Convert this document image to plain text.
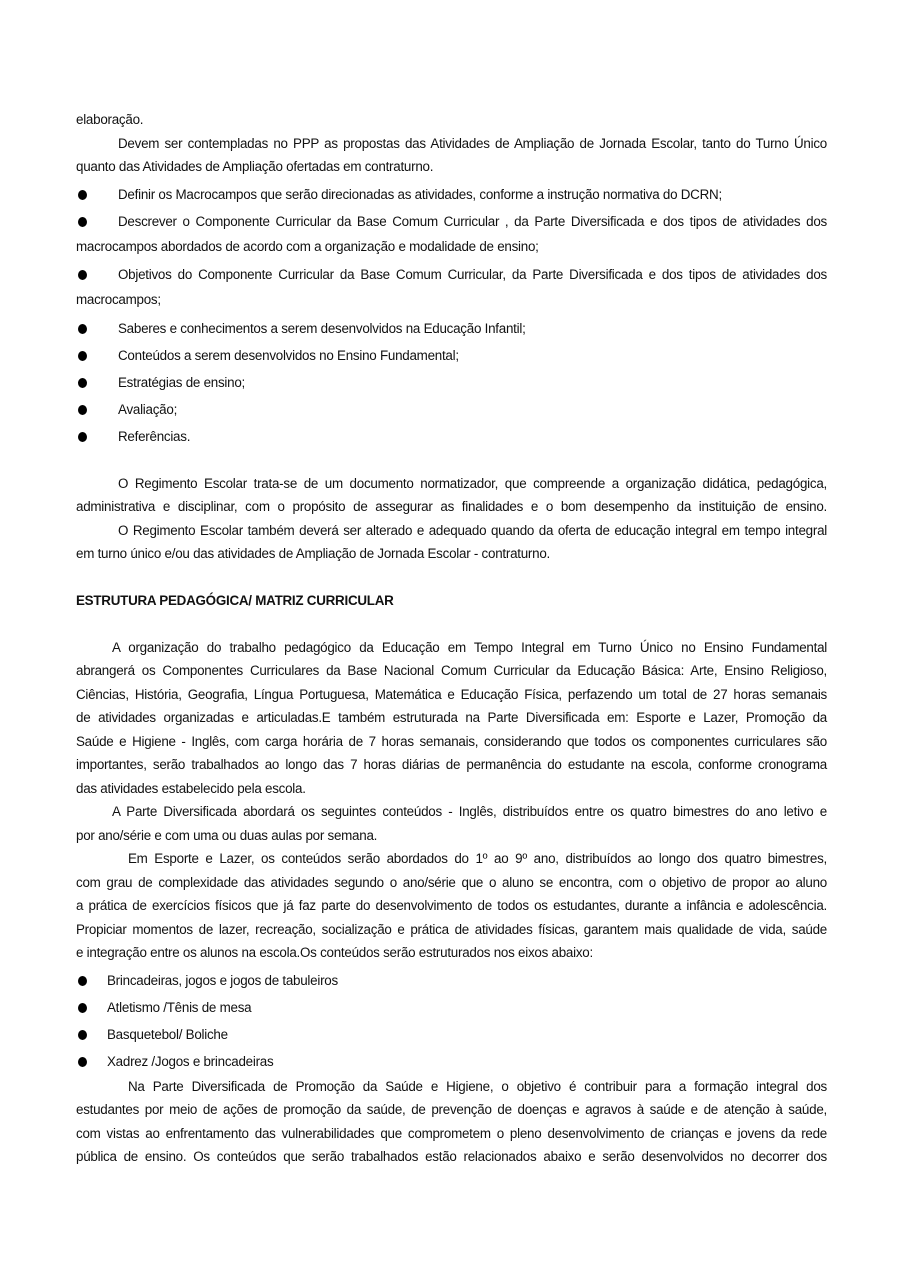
elaboração.
Devem ser contempladas no PPP as propostas das Atividades de Ampliação de Jornada Escolar, tanto do Turno Único
quanto das Atividades de Ampliação ofertadas em contraturno.
Definir os Macrocampos que serão direcionadas as atividades, conforme a instrução normativa do DCRN;
Descrever o Componente Curricular da Base Comum Curricular , da Parte Diversificada e dos tipos de atividades dos
macrocampos abordados de acordo com a organização e modalidade de ensino;
Objetivos do Componente Curricular da Base Comum Curricular, da Parte Diversificada e dos tipos de atividades dos
macrocampos;
Saberes e conhecimentos a serem desenvolvidos na Educação Infantil;
Conteúdos a serem desenvolvidos no Ensino Fundamental;
Estratégias de ensino;
Avaliação;
Referências.
O Regimento Escolar trata-se de um documento normatizador, que compreende a organização didática, pedagógica,
administrativa e disciplinar, com o propósito de assegurar as finalidades e o bom desempenho da instituição de ensino.
O Regimento Escolar também deverá ser alterado e adequado quando da oferta de educação integral em tempo integral
em turno único e/ou das atividades de Ampliação de Jornada Escolar - contraturno.
ESTRUTURA PEDAGÓGICA/ MATRIZ CURRICULAR
A organização do trabalho pedagógico da Educação em Tempo Integral em Turno Único no Ensino Fundamental
abrangerá os Componentes Curriculares da Base Nacional Comum Curricular da Educação Básica: Arte, Ensino Religioso,
Ciências, História, Geografia, Língua Portuguesa, Matemática e Educação Física, perfazendo um total de 27 horas semanais
de atividades organizadas e articuladas.E também estruturada na Parte Diversificada em: Esporte e Lazer, Promoção da
Saúde e Higiene - Inglês, com carga horária de 7 horas semanais, considerando que todos os componentes curriculares são
importantes, serão trabalhados ao longo das 7 horas diárias de permanência do estudante na escola, conforme cronograma
das atividades estabelecido pela escola.
A Parte Diversificada abordará os seguintes conteúdos - Inglês, distribuídos entre os quatro bimestres do ano letivo e
por ano/série e com uma ou duas aulas por semana.
Em Esporte e Lazer, os conteúdos serão abordados do 1º ao 9º ano, distribuídos ao longo dos quatro bimestres,
com grau de complexidade das atividades segundo o ano/série que o aluno se encontra, com o objetivo de propor ao aluno
a prática de exercícios físicos que já faz parte do desenvolvimento de todos os estudantes, durante a infância e adolescência.
Propiciar momentos de lazer, recreação, socialização e prática de atividades físicas, garantem mais qualidade de vida, saúde
e integração entre os alunos na escola.Os conteúdos serão estruturados nos eixos abaixo:
Brincadeiras, jogos e jogos de tabuleiros
Atletismo /Tênis de mesa
Basquetebol/ Boliche
Xadrez /Jogos e brincadeiras
Na Parte Diversificada de Promoção da Saúde e Higiene, o objetivo é contribuir para a formação integral dos
estudantes por meio de ações de promoção da saúde, de prevenção de doenças e agravos à saúde e de atenção à saúde,
com vistas ao enfrentamento das vulnerabilidades que comprometem o pleno desenvolvimento de crianças e jovens da rede
pública de ensino. Os conteúdos que serão trabalhados estão relacionados abaixo e serão desenvolvidos no decorrer dos
